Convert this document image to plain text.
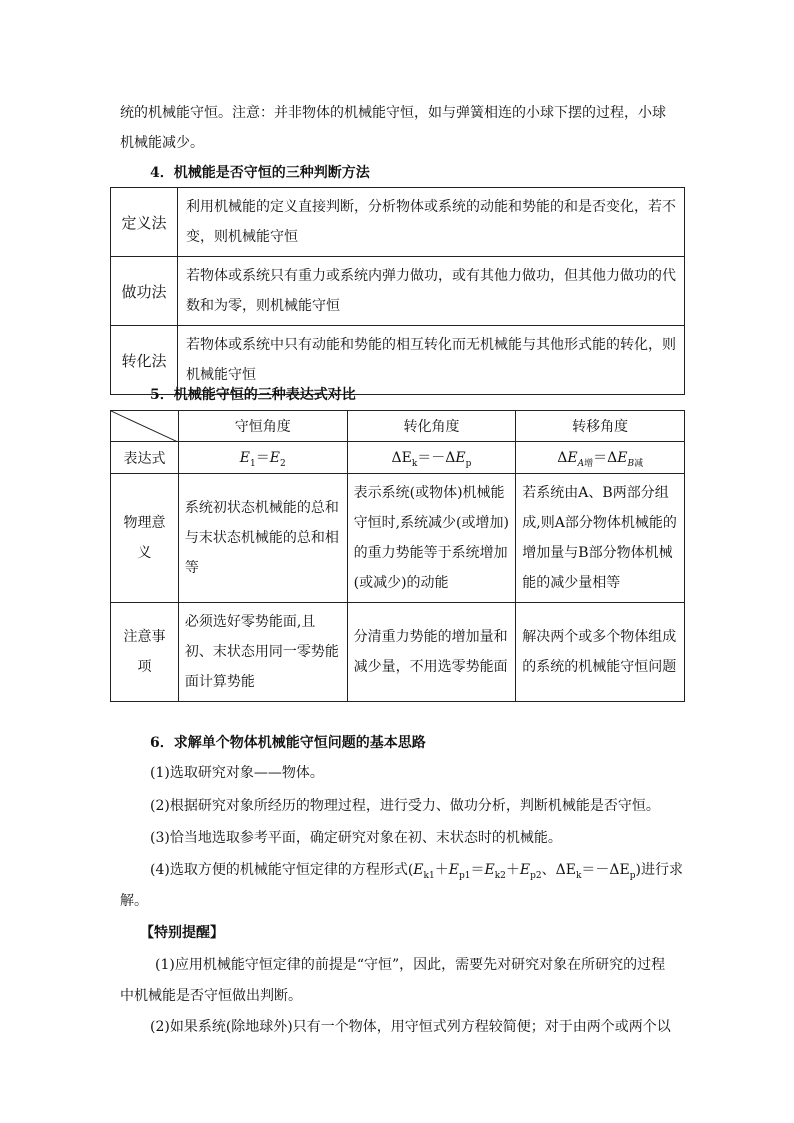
统的机械能守恒。注意：并非物体的机械能守恒，如与弹簧相连的小球下摆的过程，小球
机械能减少。
4．机械能是否守恒的三种判断方法
定义法	利用机械能的定义直接判断，分析物体或系统的动能和势能的和是否变化，若不变，则机械能守恒
做功法	若物体或系统只有重力或系统内弹力做功，或有其他力做功，但其他力做功的代数和为零，则机械能守恒
转化法	若物体或系统中只有动能和势能的相互转化而无机械能与其他形式能的转化，则机械能守恒
5．机械能守恒的三种表达式对比
	守恒角度	转化角度	转移角度
表达式	$E_1=E_2$	$\Delta E_k=-\Delta E_p$	$\Delta E_{A增}=\Delta E_{B减}$
物理意义	系统初状态机械能的总和与末状态机械能的总和相等	表示系统(或物体)机械能守恒时,系统减少(或增加)的重力势能等于系统增加(或减少)的动能	若系统由A、B两部分组成,则A部分物体机械能的增加量与B部分物体机械能的减少量相等
注意事项	必须选好零势能面,且初、末状态用同一零势能面计算势能	分清重力势能的增加量和减少量，不用选零势能面	解决两个或多个物体组成的系统的机械能守恒问题
6．求解单个物体机械能守恒问题的基本思路
(1)选取研究对象——物体。
(2)根据研究对象所经历的物理过程，进行受力、做功分析，判断机械能是否守恒。
(3)恰当地选取参考平面，确定研究对象在初、末状态时的机械能。
(4)选取方便的机械能守恒定律的方程形式($E_{k1}+E_{p1}=E_{k2}+E_{p2}$、$\Delta E_k=-\Delta E_p$)进行求
解。
【特别提醒】
(1)应用机械能守恒定律的前提是“守恒”，因此，需要先对研究对象在所研究的过程
中机械能是否守恒做出判断。
(2)如果系统(除地球外)只有一个物体，用守恒式列方程较简便；对于由两个或两个以
